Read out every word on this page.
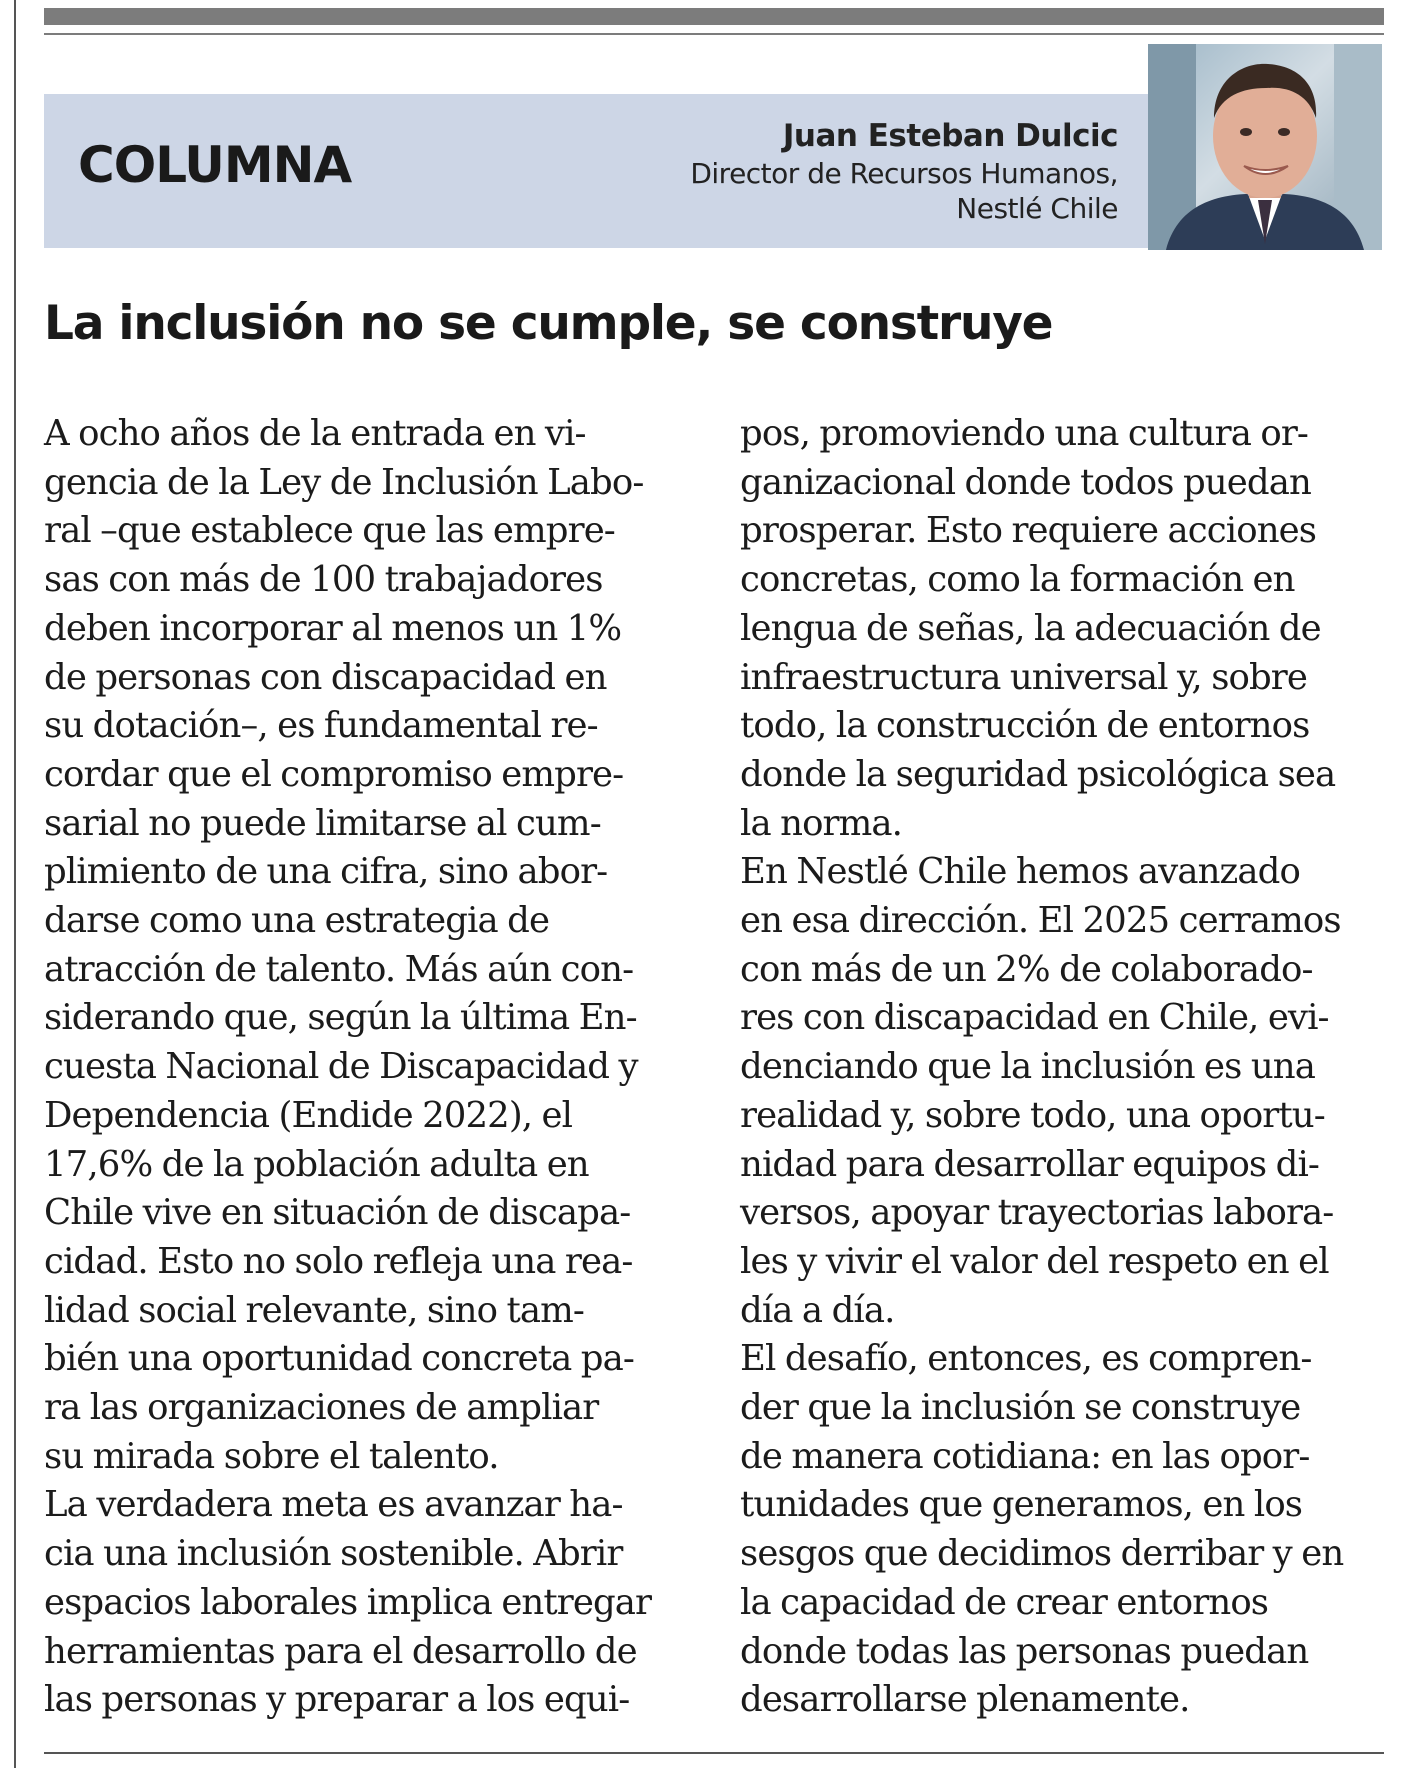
COLUMNA	Juan Esteban Dulcic
Director de Recursos Humanos,
Nestlé Chile
La inclusión no se cumple, se construye
A ocho años de la entrada en vi-
gencia de la Ley de Inclusión Labo-
ral –que establece que las empre-
sas con más de 100 trabajadores
deben incorporar al menos un 1%
de personas con discapacidad en
su dotación–, es fundamental re-
cordar que el compromiso empre-
sarial no puede limitarse al cum-
plimiento de una cifra, sino abor-
darse como una estrategia de
atracción de talento. Más aún con-
siderando que, según la última En-
cuesta Nacional de Discapacidad y
Dependencia (Endide 2022), el
17,6% de la población adulta en
Chile vive en situación de discapa-
cidad. Esto no solo refleja una rea-
lidad social relevante, sino tam-
bién una oportunidad concreta pa-
ra las organizaciones de ampliar
su mirada sobre el talento.
La verdadera meta es avanzar ha-
cia una inclusión sostenible. Abrir
espacios laborales implica entregar
herramientas para el desarrollo de
las personas y preparar a los equi-
pos, promoviendo una cultura or-
ganizacional donde todos puedan
prosperar. Esto requiere acciones
concretas, como la formación en
lengua de señas, la adecuación de
infraestructura universal y, sobre
todo, la construcción de entornos
donde la seguridad psicológica sea
la norma.
En Nestlé Chile hemos avanzado
en esa dirección. El 2025 cerramos
con más de un 2% de colaborado-
res con discapacidad en Chile, evi-
denciando que la inclusión es una
realidad y, sobre todo, una oportu-
nidad para desarrollar equipos di-
versos, apoyar trayectorias labora-
les y vivir el valor del respeto en el
día a día.
El desafío, entonces, es compren-
der que la inclusión se construye
de manera cotidiana: en las opor-
tunidades que generamos, en los
sesgos que decidimos derribar y en
la capacidad de crear entornos
donde todas las personas puedan
desarrollarse plenamente.
